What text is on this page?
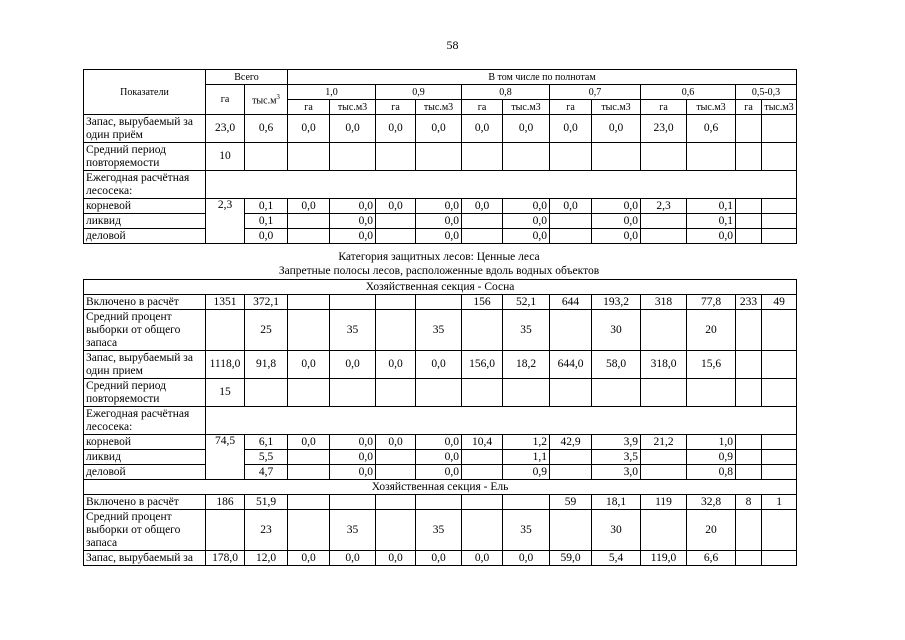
58
Показатели	Всего		В том числе по полнотам											
	га	$тыс.м^3$	1,0		0,9		0,8		0,7		0,6		0,5-0,3	
			га	тыс.м3	га	тыс.м3	га	тыс.м3	га	тыс.м3	га	тыс.м3	га	тыс.м3
Запас, вырубаемый за один приём	23,0	0,6	0,0	0,0	0,0	0,0	0,0	0,0	0,0	0,0	23,0	0,6		
Средний период повторяемости	10													
Ежегодная расчётная лесосека:														
корневой	2,3	0,1	0,0	0,0	0,0	0,0	0,0	0,0	0,0	0,0	2,3	0,1		
ликвид		0,1		0,0		0,0		0,0		0,0		0,1		
деловой		0,0		0,0		0,0		0,0		0,0		0,0		
Категория защитных лесов: Ценные леса
Запретные полосы лесов, расположенные вдоль водных объектов
Хозяйственная секция - Сосна														
Включено в расчёт	1351	372,1					156	52,1	644	193,2	318	77,8	233	49
Средний процент выборки от общего запаса		25		35		35		35		30		20		
Запас, вырубаемый за один прием	1118,0	91,8	0,0	0,0	0,0	0,0	156,0	18,2	644,0	58,0	318,0	15,6		
Средний период повторяемости	15													
Ежегодная расчётная лесосека:														
корневой	74,5	6,1	0,0	0,0	0,0	0,0	10,4	1,2	42,9	3,9	21,2	1,0		
ликвид		5,5		0,0		0,0		1,1		3,5		0,9		
деловой		4,7		0,0		0,0		0,9		3,0		0,8		
Хозяйственная секция - Ель														
Включено в расчёт	186	51,9							59	18,1	119	32,8	8	1
Средний процент выборки от общего запаса		23		35		35		35		30		20		
Запас, вырубаемый за	178,0	12,0	0,0	0,0	0,0	0,0	0,0	0,0	59,0	5,4	119,0	6,6		
